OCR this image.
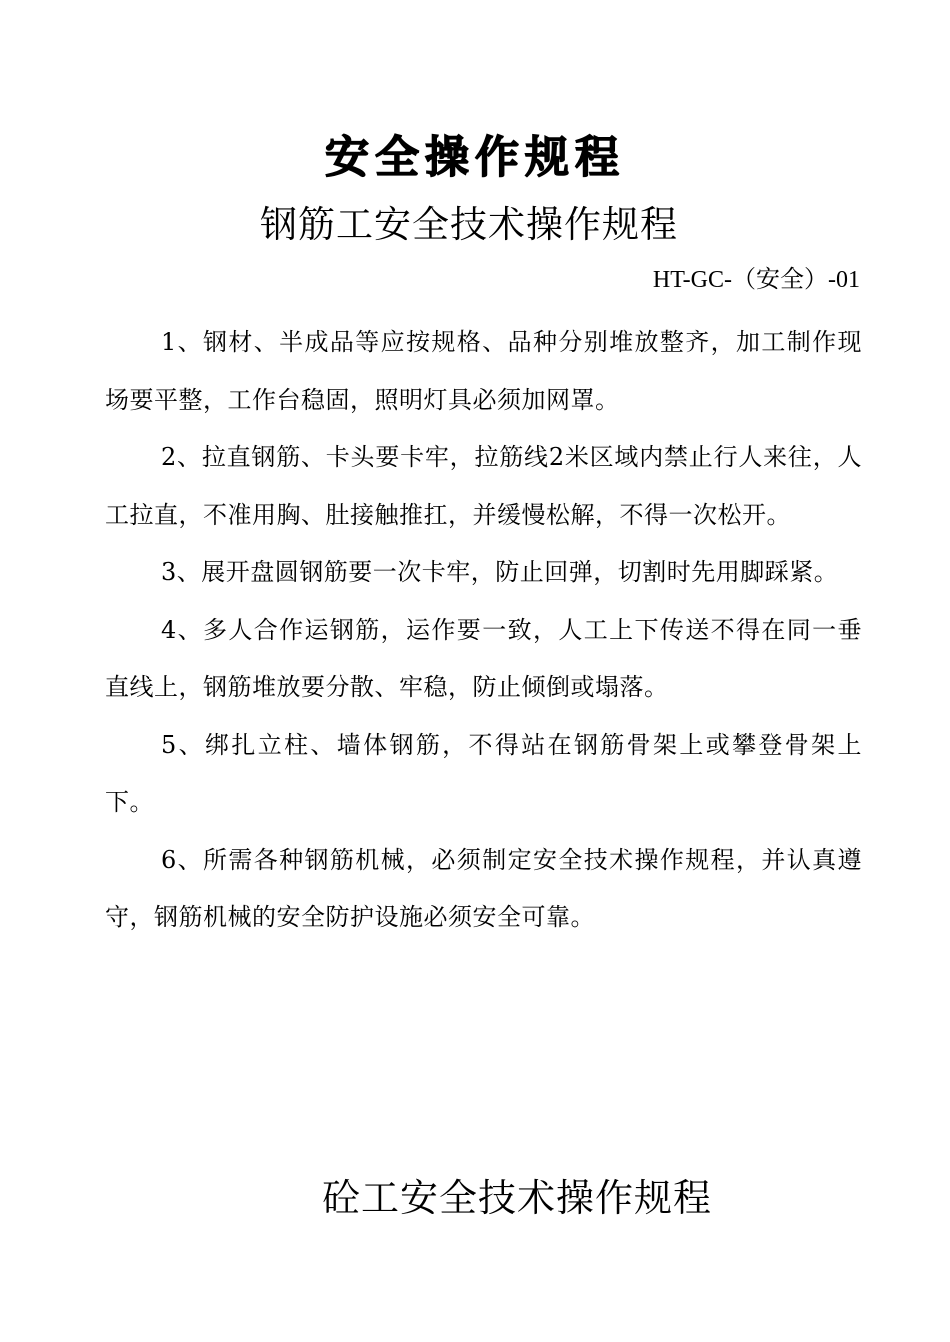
安全操作规程
钢筋工安全技术操作规程
HT-GC-（安全）-01

1、钢材、半成品等应按规格、品种分别堆放整齐，加工制作现场要平整，工作台稳固，照明灯具必须加网罩。

2、拉直钢筋、卡头要卡牢，拉筋线2米区域内禁止行人来往，人工拉直，不准用胸、肚接触推扛，并缓慢松解，不得一次松开。

3、展开盘圆钢筋要一次卡牢，防止回弹，切割时先用脚踩紧。

4、多人合作运钢筋，运作要一致，人工上下传送不得在同一垂直线上，钢筋堆放要分散、牢稳，防止倾倒或塌落。

5、绑扎立柱、墙体钢筋，不得站在钢筋骨架上或攀登骨架上下。

6、所需各种钢筋机械，必须制定安全技术操作规程，并认真遵守，钢筋机械的安全防护设施必须安全可靠。

砼工安全技术操作规程
